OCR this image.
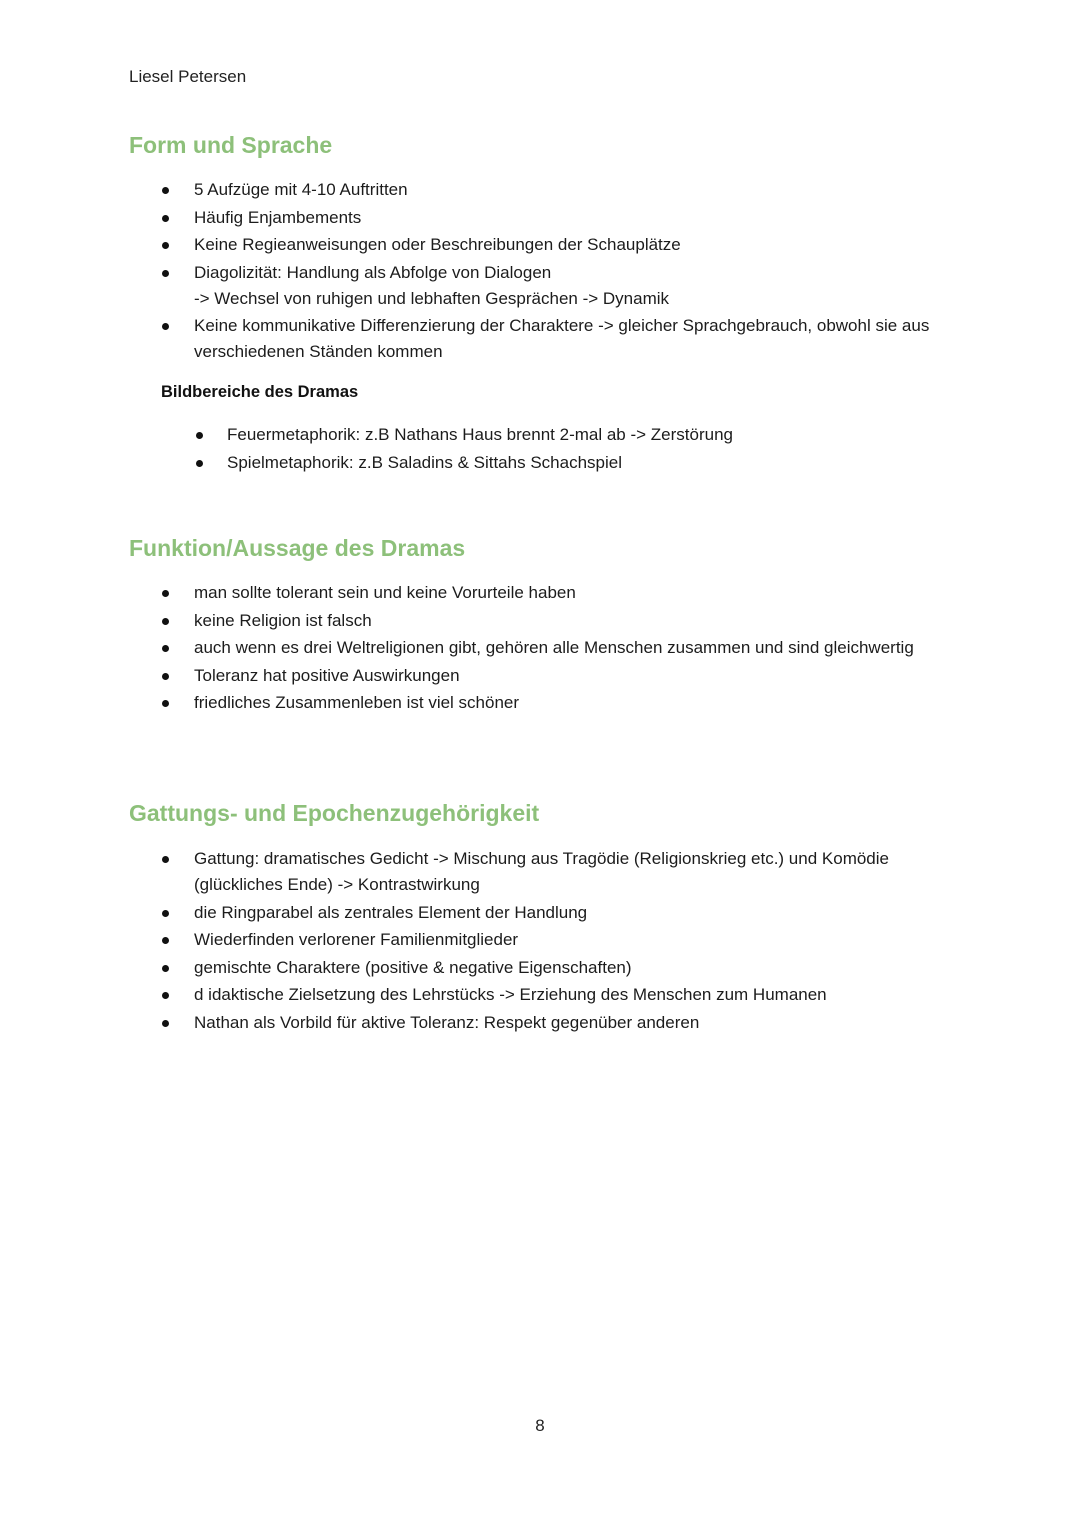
Liesel Petersen
Form und Sprache
5 Aufzüge mit 4-10 Auftritten
Häufig Enjambements
Keine Regieanweisungen oder Beschreibungen der Schauplätze
Diagolizität: Handlung als Abfolge von Dialogen
-> Wechsel von ruhigen und lebhaften Gesprächen -> Dynamik
Keine kommunikative Differenzierung der Charaktere -> gleicher Sprachgebrauch, obwohl sie aus verschiedenen Ständen kommen
Bildbereiche des Dramas
Feuermetaphorik: z.B Nathans Haus brennt 2-mal ab -> Zerstörung
Spielmetaphorik: z.B Saladins & Sittahs Schachspiel
Funktion/Aussage des Dramas
man sollte tolerant sein und keine Vorurteile haben
keine Religion ist falsch
auch wenn es drei Weltreligionen gibt, gehören alle Menschen zusammen und sind gleichwertig
Toleranz hat positive Auswirkungen
friedliches Zusammenleben ist viel schöner
Gattungs- und Epochenzugehörigkeit
Gattung: dramatisches Gedicht -> Mischung aus Tragödie (Religionskrieg etc.) und Komödie (glückliches Ende) -> Kontrastwirkung
die Ringparabel als zentrales Element der Handlung
Wiederfinden verlorener Familienmitglieder
gemischte Charaktere (positive & negative Eigenschaften)
d idaktische Zielsetzung des Lehrstücks -> Erziehung des Menschen zum Humanen
Nathan als Vorbild für aktive Toleranz: Respekt gegenüber anderen
8
